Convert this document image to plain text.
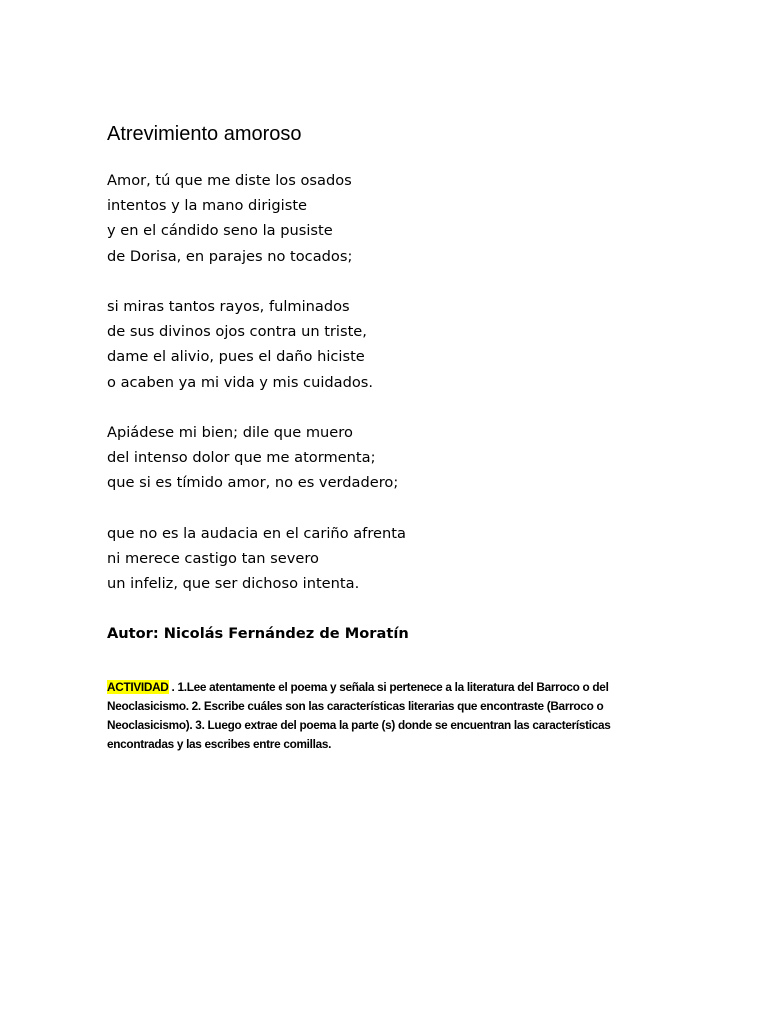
Atrevimiento amoroso
Amor, tú que me diste los osados
intentos y la mano dirigiste
y en el cándido seno la pusiste
de Dorisa, en parajes no tocados;
si miras tantos rayos, fulminados
de sus divinos ojos contra un triste,
dame el alivio, pues el daño hiciste
o acaben ya mi vida y mis cuidados.
Apiádese mi bien; dile que muero
del intenso dolor que me atormenta;
que si es tímido amor, no es verdadero;
que no es la audacia en el cariño afrenta
ni merece castigo tan severo
un infeliz, que ser dichoso intenta.
Autor: Nicolás Fernández de Moratín

ACTIVIDAD . 1.Lee atentamente el poema y señala si pertenece a la literatura del Barroco o del Neoclasicismo. 2. Escribe cuáles son las características literarias que encontraste (Barroco o Neoclasicismo). 3. Luego extrae del poema la parte (s) donde se encuentran las características encontradas y las escribes entre comillas.
